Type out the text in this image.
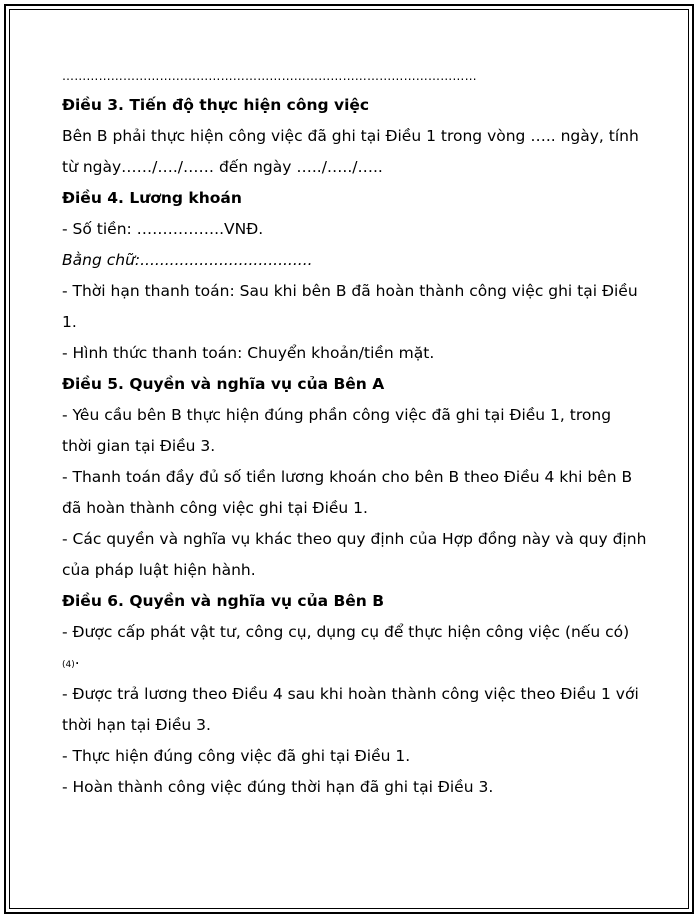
…………………………………………………………………………………………
Điều 3. Tiến độ thực hiện công việc
Bên B phải thực hiện công việc đã ghi tại Điều 1 trong vòng ….. ngày, tính
từ ngày……/…./…… đến ngày …../…../…..
Điều 4. Lương khoán
- Số tiền: ……………..VNĐ.
Bằng chữ:...................................
- Thời hạn thanh toán: Sau khi bên B đã hoàn thành công việc ghi tại Điều
1.
- Hình thức thanh toán: Chuyển khoản/tiền mặt.
Điều 5. Quyền và nghĩa vụ của Bên A
- Yêu cầu bên B thực hiện đúng phần công việc đã ghi tại Điều 1, trong
thời gian tại Điều 3.
- Thanh toán đầy đủ số tiền lương khoán cho bên B theo Điều 4 khi bên B
đã hoàn thành công việc ghi tại Điều 1.
- Các quyền và nghĩa vụ khác theo quy định của Hợp đồng này và quy định
của pháp luật hiện hành.
Điều 6. Quyền và nghĩa vụ của Bên B
- Được cấp phát vật tư, công cụ, dụng cụ để thực hiện công việc (nếu có)
$^{(4)}$.
- Được trả lương theo Điều 4 sau khi hoàn thành công việc theo Điều 1 với
thời hạn tại Điều 3.
- Thực hiện đúng công việc đã ghi tại Điều 1.
- Hoàn thành công việc đúng thời hạn đã ghi tại Điều 3.
